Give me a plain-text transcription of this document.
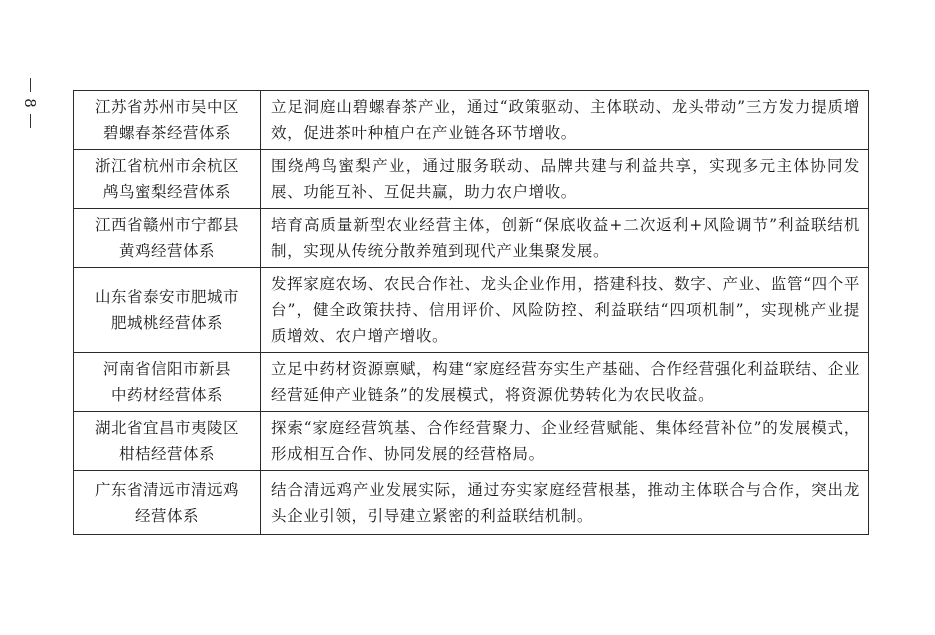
8	江苏省苏州市吴中区
碧螺春茶经营体系	立足洞庭山碧螺春茶产业，通过“政策驱动、主体联动、龙头带动”三方发力提质增效，促进茶叶种植户在产业链各环节增收。

浙江省杭州市余杭区
鸬鸟蜜梨经营体系	围绕鸬鸟蜜梨产业，通过服务联动、品牌共建与利益共享，实现多元主体协同发展、功能互补、互促共赢，助力农户增收。

江西省赣州市宁都县
黄鸡经营体系	培育高质量新型农业经营主体，创新“保底收益+二次返利+风险调节”利益联结机制，实现从传统分散养殖到现代产业集聚发展。

山东省泰安市肥城市
肥城桃经营体系	发挥家庭农场、农民合作社、龙头企业作用，搭建科技、数字、产业、监管“四个平台”，健全政策扶持、信用评价、风险防控、利益联结“四项机制”，实现桃产业提质增效、农户增产增收。

河南省信阳市新县
中药材经营体系	立足中药材资源禀赋，构建“家庭经营夯实生产基础、合作经营强化利益联结、企业经营延伸产业链条”的发展模式，将资源优势转化为农民收益。

湖北省宜昌市夷陵区
柑桔经营体系	探索“家庭经营筑基、合作经营聚力、企业经营赋能、集体经营补位”的发展模式，形成相互合作、协同发展的经营格局。

广东省清远市清远鸡
经营体系	结合清远鸡产业发展实际，通过夯实家庭经营根基，推动主体联合与合作，突出龙头企业引领，引导建立紧密的利益联结机制。
